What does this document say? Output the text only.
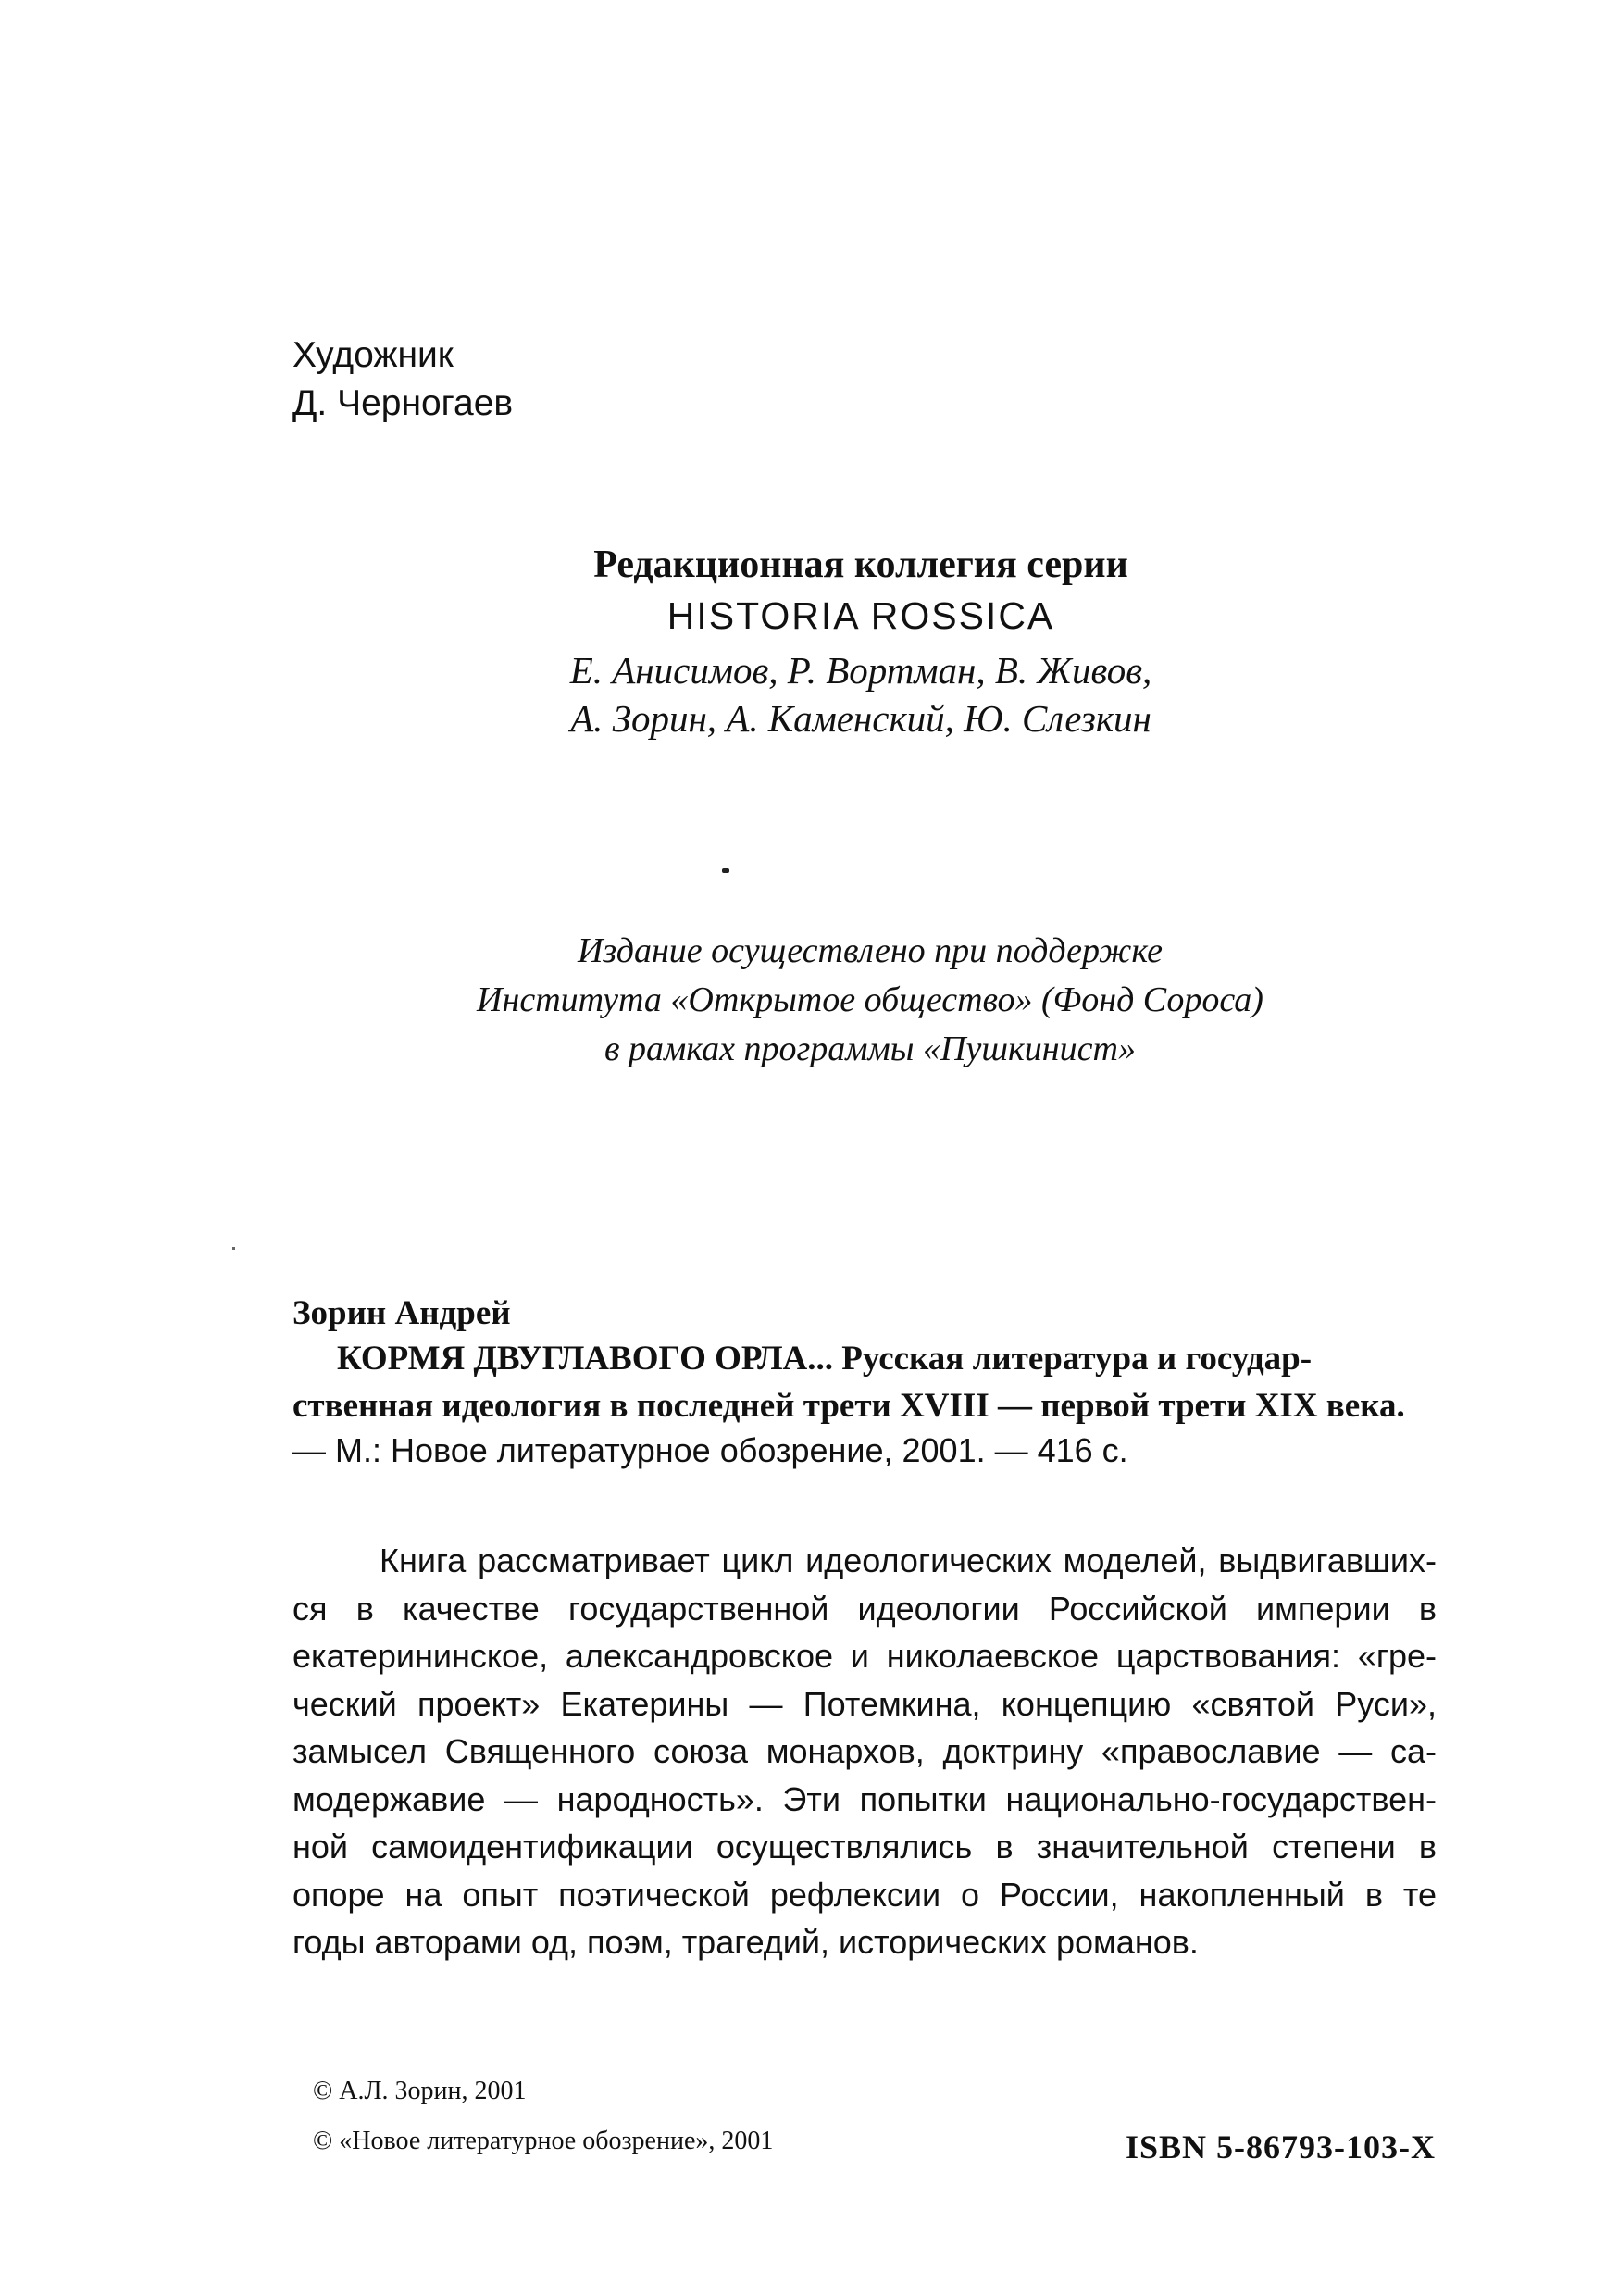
Художник
Д. Черногаев
Редакционная коллегия серии
HISTORIA ROSSICA
Е. Анисимов, Р. Вортман, В. Живов,
А. Зорин, А. Каменский, Ю. Слезкин
Издание осуществлено при поддержке
Института «Открытое общество» (Фонд Сороса)
в рамках программы «Пушкинист»
Зорин Андрей
КОРМЯ ДВУГЛАВОГО ОРЛА... Русская литература и государ-
ственная идеология в последней трети XVIII — первой трети XIX века.
— М.: Новое литературное обозрение, 2001. — 416 с.
Книга рассматривает цикл идеологических моделей, выдвигавших-
ся в качестве государственной идеологии Российской империи в
екатерининское, александровское и николаевское царствования: «гре-
ческий проект» Екатерины — Потемкина, концепцию «святой Руси»,
замысел Священного союза монархов, доктрину «православие — са-
модержавие — народность». Эти попытки национально-государствен-
ной самоидентификации осуществлялись в значительной степени в
опоре на опыт поэтической рефлексии о России, накопленный в те
годы авторами од, поэм, трагедий, исторических романов.
© А.Л. Зорин, 2001
© «Новое литературное обозрение», 2001	ISBN 5-86793-103-X
